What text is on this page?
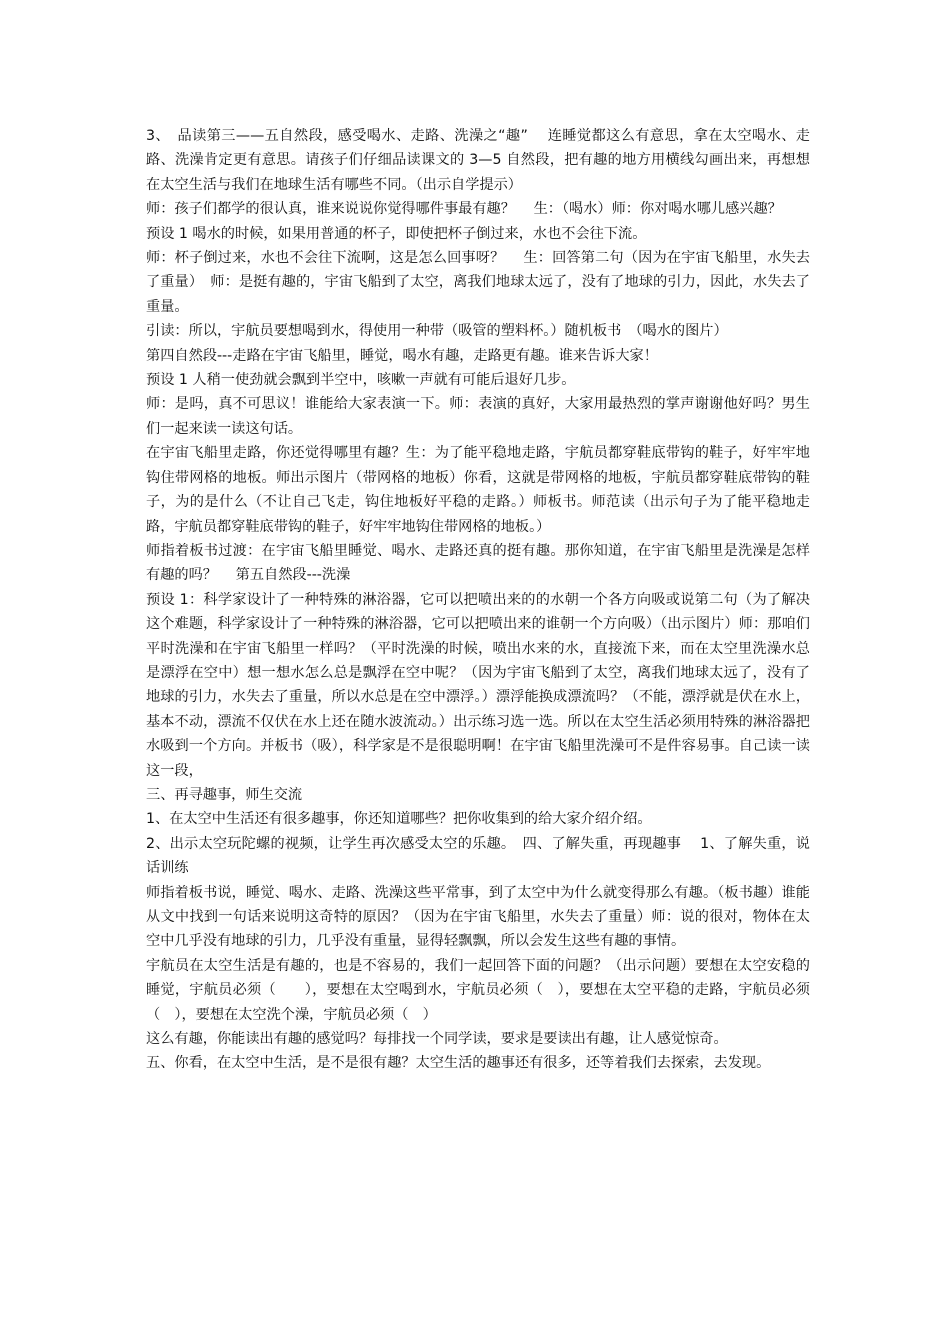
3、　品读第三——五自然段，感受喝水、走路、洗澡之“趣”　 连睡觉都这么有意思，拿在太空喝水、走路、洗澡肯定更有意思。请孩子们仔细品读课文的 3—5 自然段，把有趣的地方用横线勾画出来，再想想在太空生活与我们在地球生活有哪些不同。（出示自学提示）

师：孩子们都学的很认真，谁来说说你觉得哪件事最有趣？　 生：（喝水）师：你对喝水哪儿感兴趣？

预设 1 喝水的时候，如果用普通的杯子，即使把杯子倒过来，水也不会往下流。

师：杯子倒过来，水也不会往下流啊，这是怎么回事呀？　 生：回答第二句（因为在宇宙飞船里，水失去了重量）　师：是挺有趣的，宇宙飞船到了太空，离我们地球太远了，没有了地球的引力，因此，水失去了重量。

引读：所以，宇航员要想喝到水，得使用一种带（吸管的塑料杯。）随机板书　（喝水的图片）

第四自然段---走路在宇宙飞船里，睡觉，喝水有趣，走路更有趣。谁来告诉大家！

预设 1 人稍一使劲就会飘到半空中，咳嗽一声就有可能后退好几步。

师：是吗，真不可思议！谁能给大家表演一下。师：表演的真好，大家用最热烈的掌声谢谢他好吗？男生们一起来读一读这句话。

在宇宙飞船里走路，你还觉得哪里有趣？生：为了能平稳地走路，宇航员都穿鞋底带钩的鞋子，好牢牢地钩住带网格的地板。师出示图片（带网格的地板）你看，这就是带网格的地板，宇航员都穿鞋底带钩的鞋子，为的是什么（不让自己飞走，钩住地板好平稳的走路。）师板书。师范读（出示句子为了能平稳地走路，宇航员都穿鞋底带钩的鞋子，好牢牢地钩住带网格的地板。）

师指着板书过渡：在宇宙飞船里睡觉、喝水、走路还真的挺有趣。那你知道，在宇宙飞船里是洗澡是怎样有趣的吗？　 第五自然段---洗澡

预设 1：科学家设计了一种特殊的淋浴器，它可以把喷出来的的水朝一个各方向吸或说第二句（为了解决这个难题，科学家设计了一种特殊的淋浴器，它可以把喷出来的谁朝一个方向吸）（出示图片）师：那咱们平时洗澡和在宇宙飞船里一样吗？（平时洗澡的时候，喷出水来的水，直接流下来，而在太空里洗澡水总是漂浮在空中）想一想水怎么总是飘浮在空中呢？（因为宇宙飞船到了太空，离我们地球太远了，没有了地球的引力，水失去了重量，所以水总是在空中漂浮。）漂浮能换成漂流吗？（不能，漂浮就是伏在水上，基本不动，漂流不仅伏在水上还在随水波流动。）出示练习选一选。所以在太空生活必须用特殊的淋浴器把水吸到一个方向。并板书（吸），科学家是不是很聪明啊！在宇宙飞船里洗澡可不是件容易事。自己读一读这一段，

三、再寻趣事，师生交流

1、在太空中生活还有很多趣事，你还知道哪些？把你收集到的给大家介绍介绍。

2、出示太空玩陀螺的视频，让学生再次感受太空的乐趣。　四、了解失重，再现趣事　 1、了解失重，说话训练

师指着板书说，睡觉、喝水、走路、洗澡这些平常事，到了太空中为什么就变得那么有趣。（板书趣）谁能从文中找到一句话来说明这奇特的原因？（因为在宇宙飞船里，水失去了重量）师：说的很对，物体在太空中几乎没有地球的引力，几乎没有重量，显得轻飘飘，所以会发生这些有趣的事情。

宇航员在太空生活是有趣的，也是不容易的，我们一起回答下面的问题？（出示问题）要想在太空安稳的睡觉，宇航员必须（　　），要想在太空喝到水，宇航员必须（　），要想在太空平稳的走路，宇航员必须（　），要想在太空洗个澡，宇航员必须（　）

这么有趣，你能读出有趣的感觉吗？每排找一个同学读，要求是要读出有趣，让人感觉惊奇。

五、你看，在太空中生活，是不是很有趣？太空生活的趣事还有很多，还等着我们去探索，去发现。
